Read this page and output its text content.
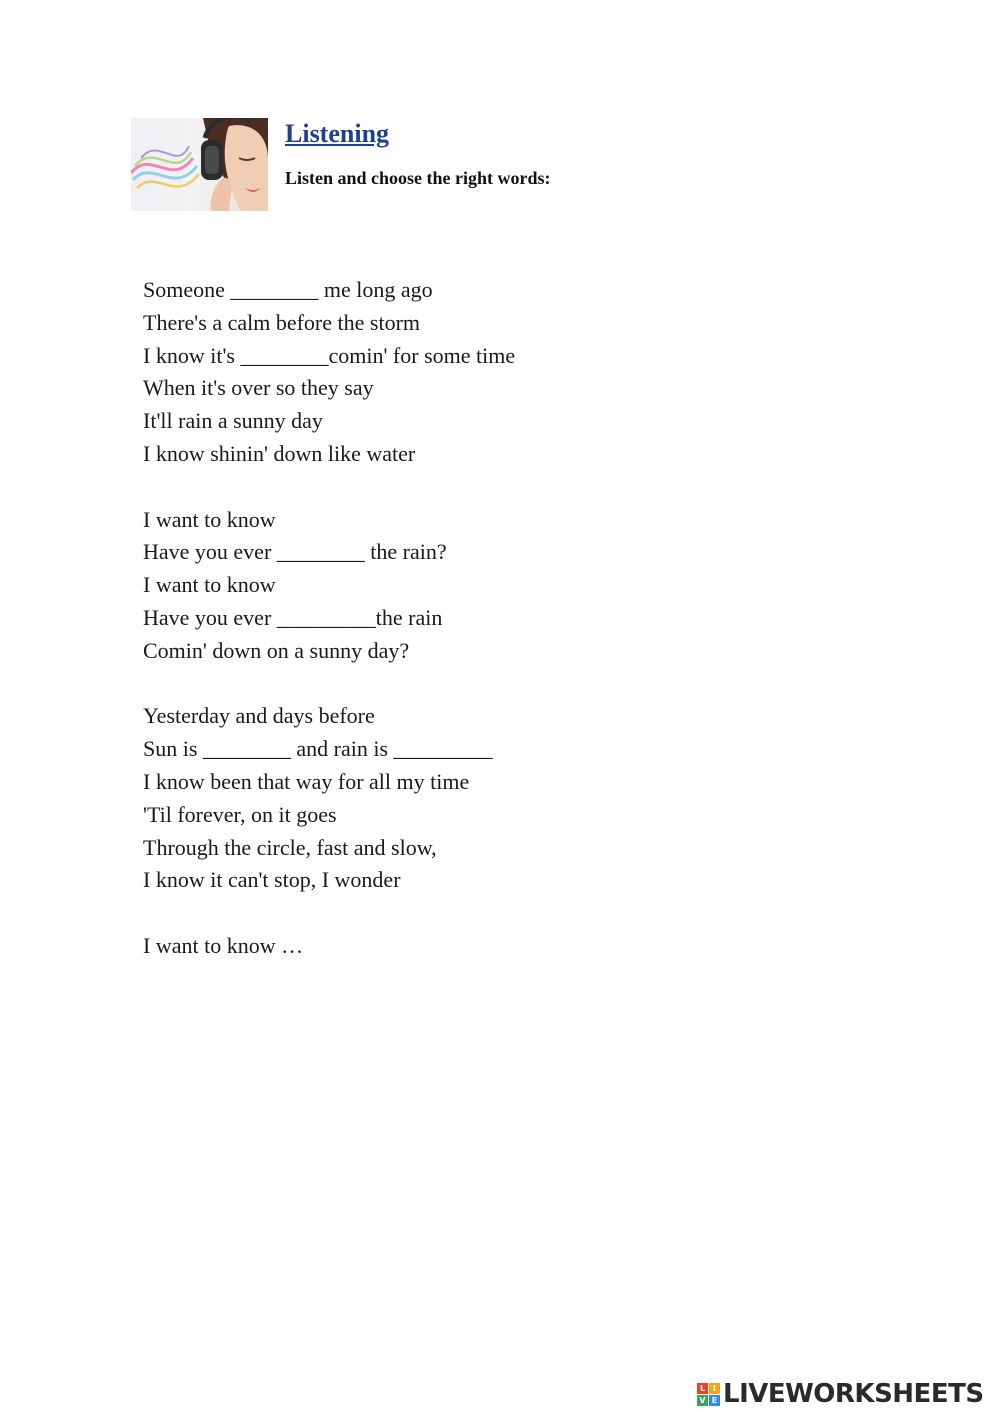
Listening

Listen and choose the right words:

Someone ________ me long ago
There's a calm before the storm
I know it's ________comin' for some time
When it's over so they say
It'll rain a sunny day
I know shinin' down like water
I want to know
Have you ever ________ the rain?
I want to know
Have you ever _________the rain
Comin' down on a sunny day?
Yesterday and days before
Sun is ________ and rain is _________
I know been that way for all my time
'Til forever, on it goes
Through the circle, fast and slow,
I know it can't stop, I wonder
I want to know …
L I
V E LIVEWORKSHEETS
